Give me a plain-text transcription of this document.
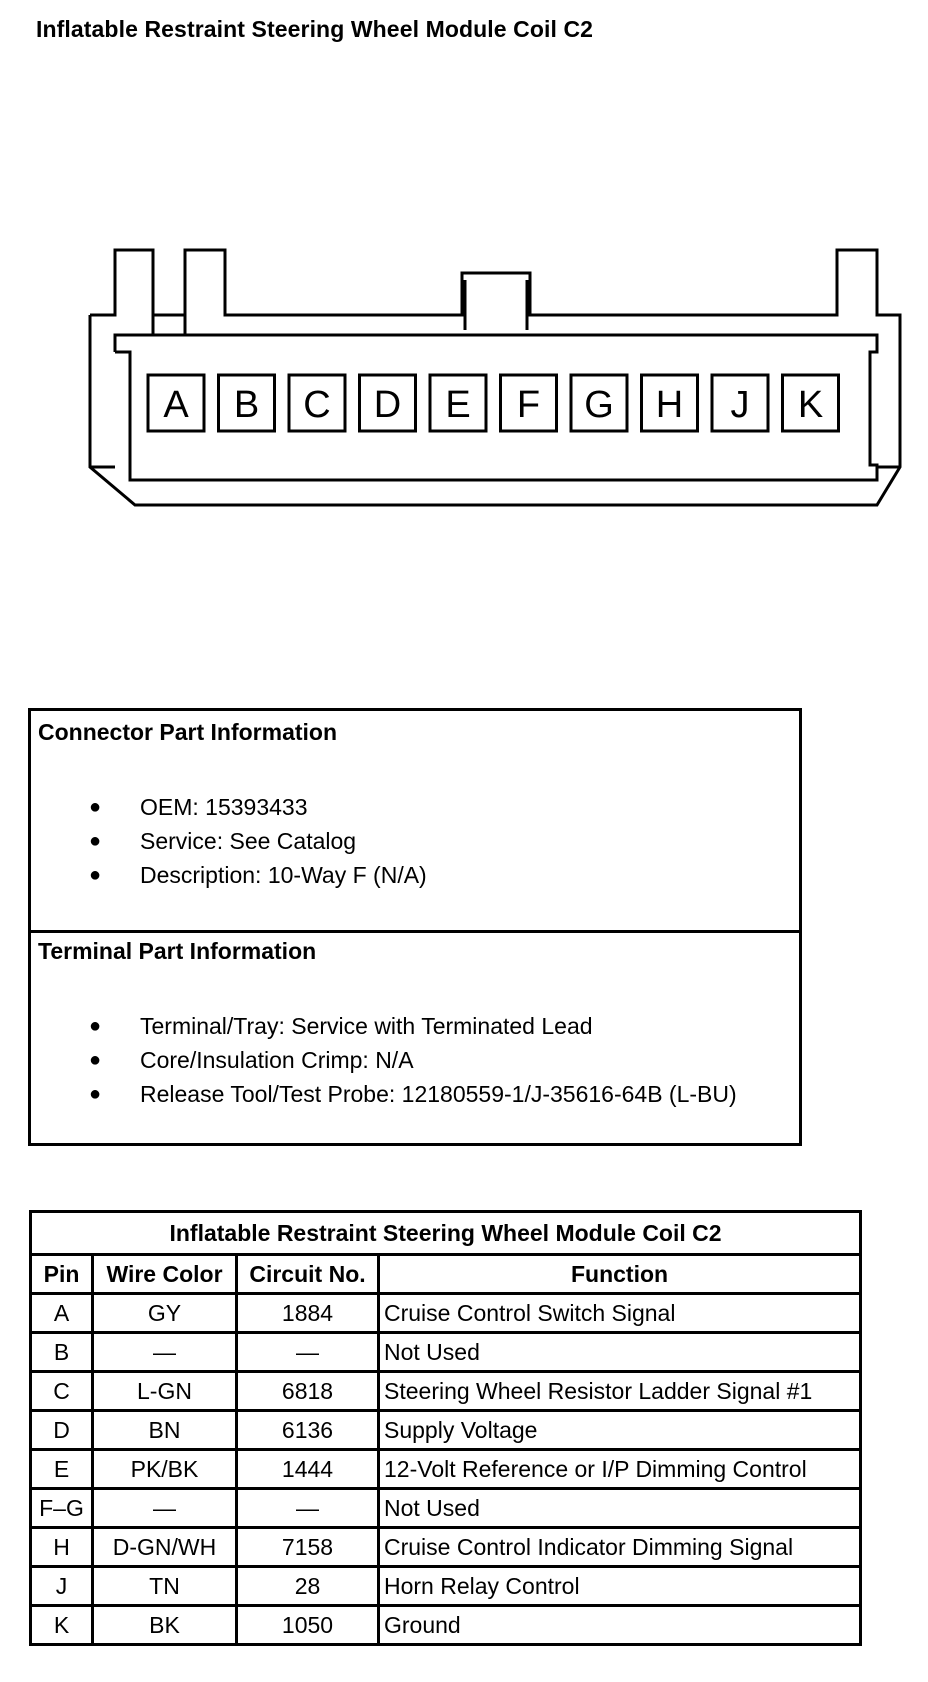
Inflatable Restraint Steering Wheel Module Coil C2
A B C D E F G H J K
Connector Part Information
● OEM: 15393433
● Service: See Catalog
● Description: 10-Way F (N/A)
Terminal Part Information
● Terminal/Tray: Service with Terminated Lead
● Core/Insulation Crimp: N/A
● Release Tool/Test Probe: 12180559-1/J-35616-64B (L-BU)
Inflatable Restraint Steering Wheel Module Coil C2			
Pin	Wire Color	Circuit No.	Function
A	GY	1884	Cruise Control Switch Signal
B	—	—	Not Used
C	L-GN	6818	Steering Wheel Resistor Ladder Signal #1
D	BN	6136	Supply Voltage
E	PK/BK	1444	12-Volt Reference or I/P Dimming Control
F–G	—	—	Not Used
H	D-GN/WH	7158	Cruise Control Indicator Dimming Signal
J	TN	28	Horn Relay Control
K	BK	1050	Ground
